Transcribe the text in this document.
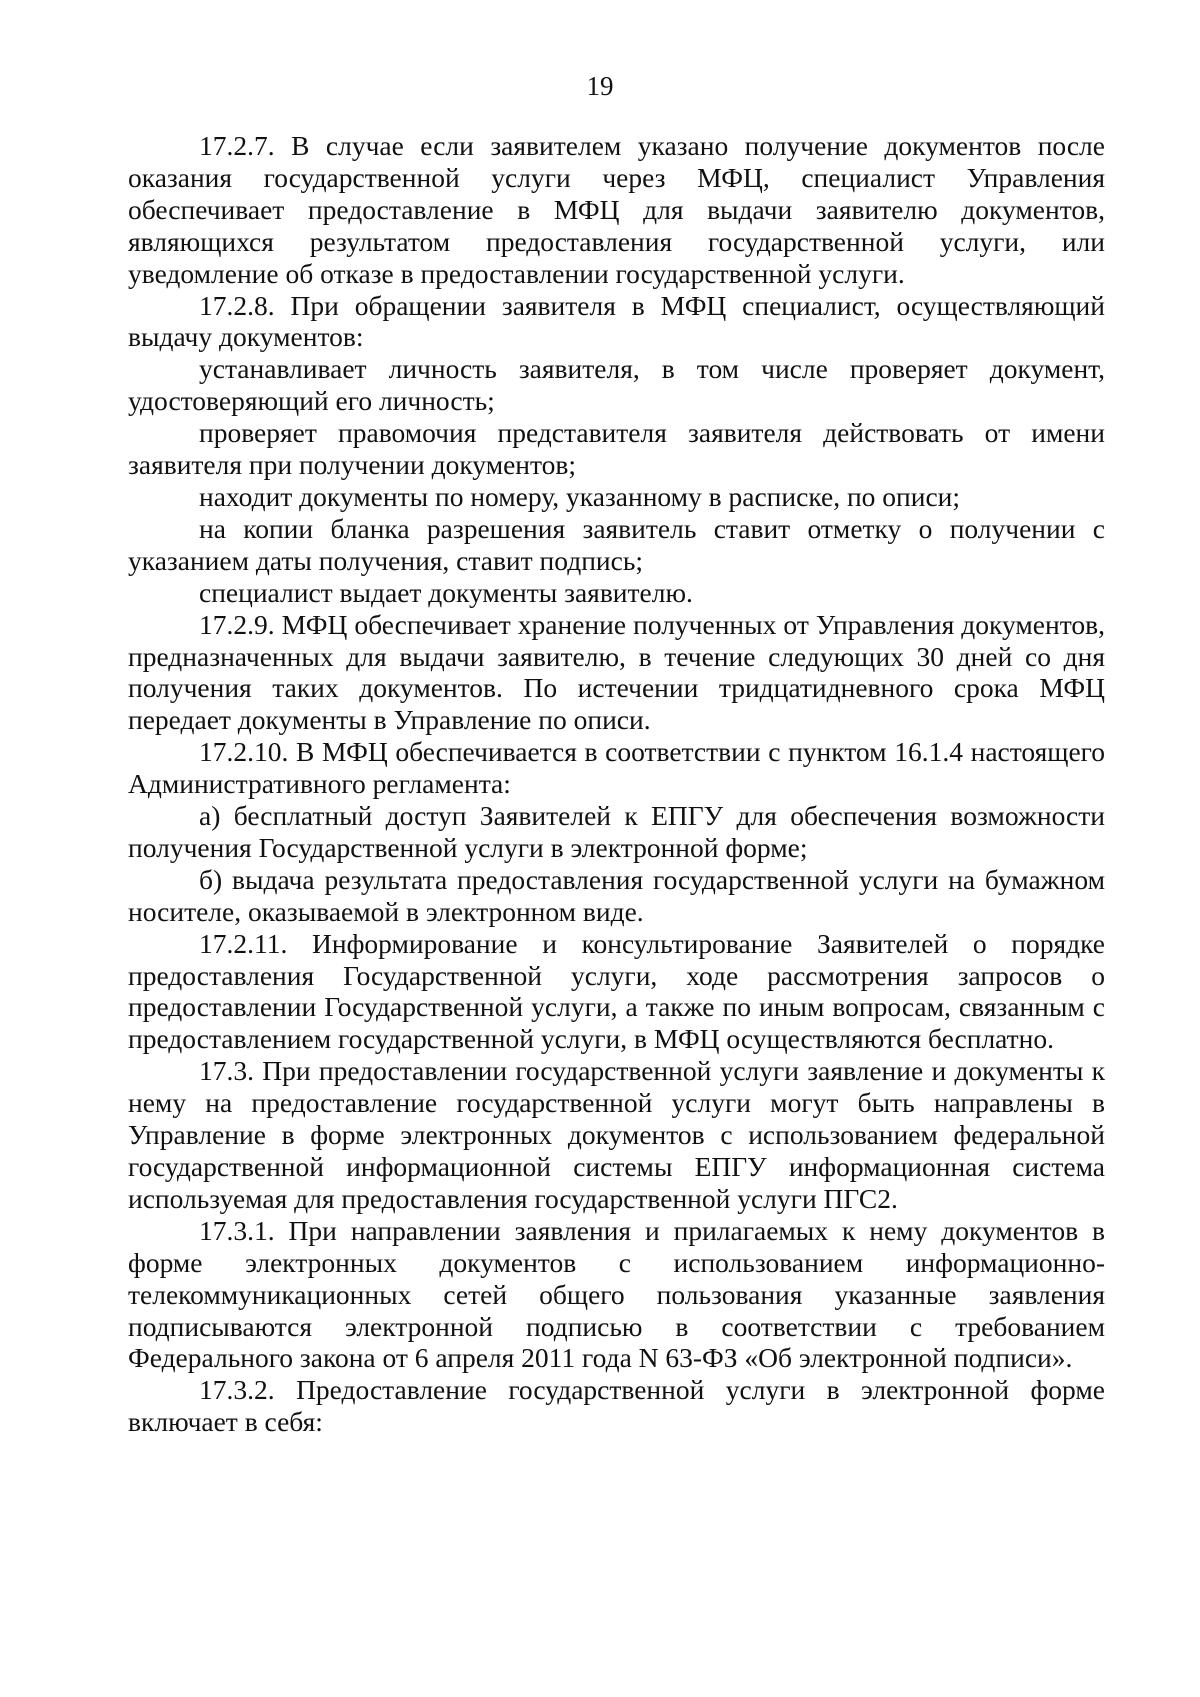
19

17.2.7. В случае если заявителем указано получение документов после оказания государственной услуги через МФЦ, специалист Управления обеспечивает предоставление в МФЦ для выдачи заявителю документов, являющихся результатом предоставления государственной услуги, или уведомление об отказе в предоставлении государственной услуги.

17.2.8. При обращении заявителя в МФЦ специалист, осуществляющий выдачу документов:

устанавливает личность заявителя, в том числе проверяет документ, удостоверяющий его личность;

проверяет правомочия представителя заявителя действовать от имени заявителя при получении документов;

находит документы по номеру, указанному в расписке, по описи;

на копии бланка разрешения заявитель ставит отметку о получении с указанием даты получения, ставит подпись;

специалист выдает документы заявителю.

17.2.9. МФЦ обеспечивает хранение полученных от Управления документов, предназначенных для выдачи заявителю, в течение следующих 30 дней со дня получения таких документов. По истечении тридцатидневного срока МФЦ передает документы в Управление по описи.

17.2.10. В МФЦ обеспечивается в соответствии с пунктом 16.1.4 настоящего Административного регламента:

а) бесплатный доступ Заявителей к ЕПГУ для обеспечения возможности получения Государственной услуги в электронной форме;

б) выдача результата предоставления государственной услуги на бумажном носителе, оказываемой в электронном виде.

17.2.11. Информирование и консультирование Заявителей о порядке предоставления Государственной услуги, ходе рассмотрения запросов о предоставлении Государственной услуги, а также по иным вопросам, связанным с предоставлением государственной услуги, в МФЦ осуществляются бесплатно.

17.3. При предоставлении государственной услуги заявление и документы к нему на предоставление государственной услуги могут быть направлены в Управление в форме электронных документов с использованием федеральной государственной информационной системы ЕПГУ информационная система используемая для предоставления государственной услуги ПГС2.

17.3.1. При направлении заявления и прилагаемых к нему документов в форме электронных документов с использованием информационно-телекоммуникационных сетей общего пользования указанные заявления подписываются электронной подписью в соответствии с требованием Федерального закона от 6 апреля 2011 года N 63-ФЗ «Об электронной подписи».

17.3.2. Предоставление государственной услуги в электронной форме включает в себя:
